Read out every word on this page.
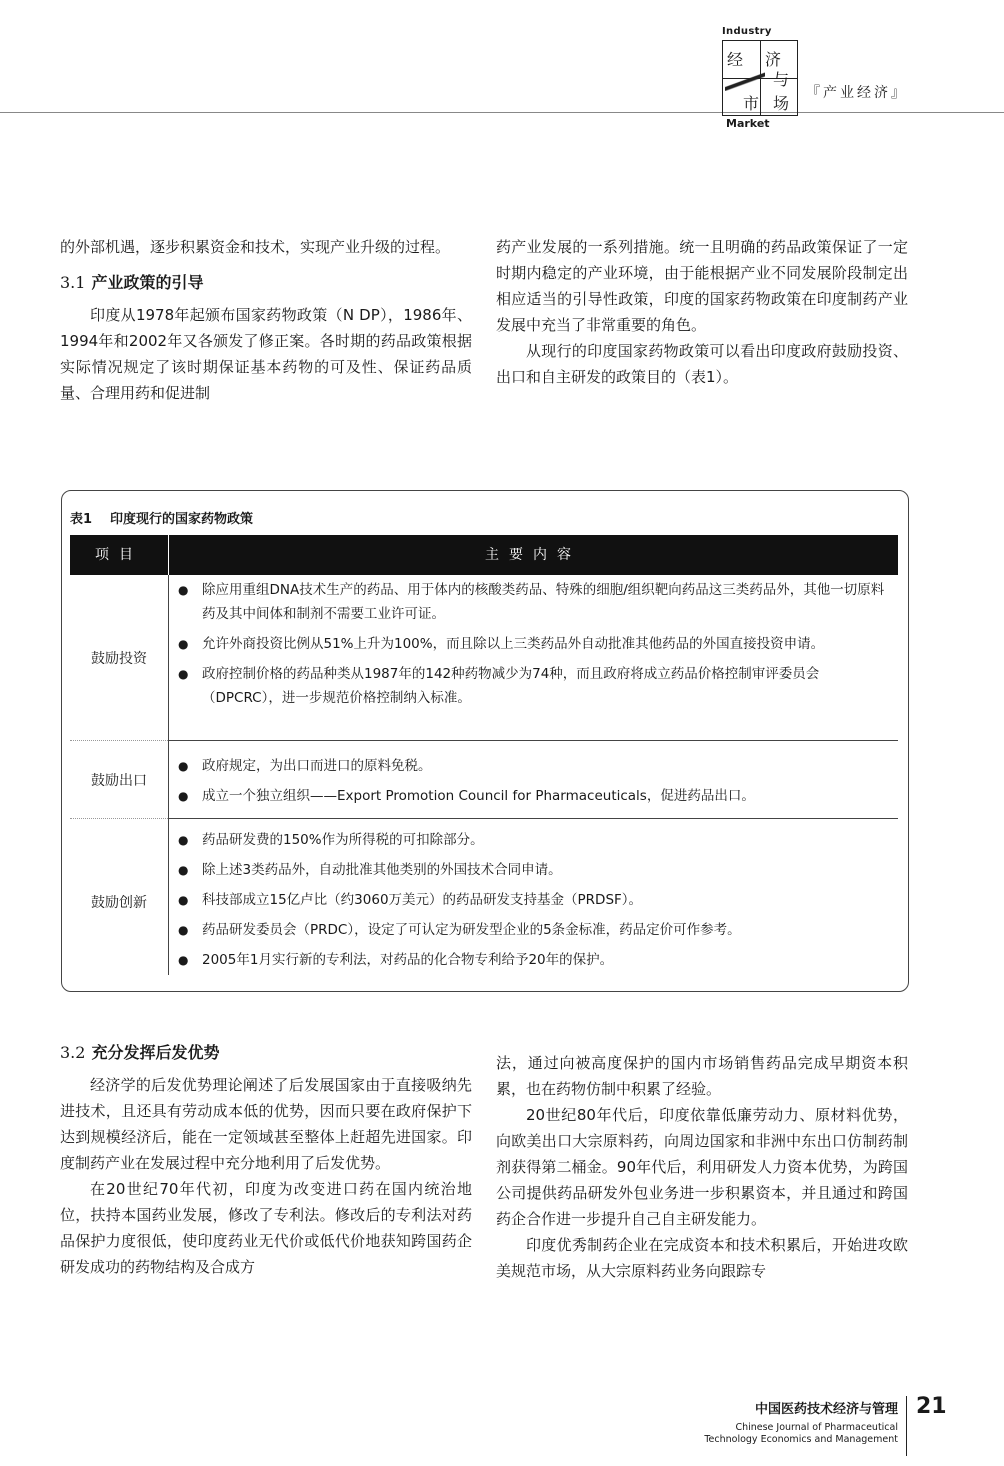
Industry
经 济
与
市 场
Market
『产业经济』

的外部机遇，逐步积累资金和技术，实现产业升级的过程。

3.1 产业政策的引导

印度从1978年起颁布国家药物政策（N DP），1986年、1994年和2002年又各颁发了修正案。各时期的药品政策根据实际情况规定了该时期保证基本药物的可及性、保证药品质量、合理用药和促进制

药产业发展的一系列措施。统一且明确的药品政策保证了一定时期内稳定的产业环境，由于能根据产业不同发展阶段制定出相应适当的引导性政策，印度的国家药物政策在印度制药产业发展中充当了非常重要的角色。

从现行的印度国家药物政策可以看出印度政府鼓励投资、出口和自主研发的政策目的（表1）。

表1 印度现行的国家药物政策
项目	主要内容
鼓励投资
● 除应用重组DNA技术生产的药品、用于体内的核酸类药品、特殊的细胞/组织靶向药品这三类药品外，其他一切原料药及其中间体和制剂不需要工业许可证。
● 允许外商投资比例从51%上升为100%，而且除以上三类药品外自动批准其他药品的外国直接投资申请。
● 政府控制价格的药品种类从1987年的142种药物减少为74种，而且政府将成立药品价格控制审评委员会（DPCRC），进一步规范价格控制纳入标准。
鼓励出口
● 政府规定，为出口而进口的原料免税。
● 成立一个独立组织——Export Promotion Council for Pharmaceuticals，促进药品出口。
鼓励创新
● 药品研发费的150%作为所得税的可扣除部分。
● 除上述3类药品外，自动批准其他类别的外国技术合同申请。
● 科技部成立15亿卢比（约3060万美元）的药品研发支持基金（PRDSF）。
● 药品研发委员会（PRDC），设定了可认定为研发型企业的5条金标准，药品定价可作参考。
● 2005年1月实行新的专利法，对药品的化合物专利给予20年的保护。
3.2 充分发挥后发优势

经济学的后发优势理论阐述了后发展国家由于直接吸纳先进技术，且还具有劳动成本低的优势，因而只要在政府保护下达到规模经济后，能在一定领域甚至整体上赶超先进国家。印度制药产业在发展过程中充分地利用了后发优势。

在20世纪70年代初，印度为改变进口药在国内统治地位，扶持本国药业发展，修改了专利法。修改后的专利法对药品保护力度很低，使印度药业无代价或低代价地获知跨国药企研发成功的药物结构及合成方

法，通过向被高度保护的国内市场销售药品完成早期资本积累，也在药物仿制中积累了经验。

20世纪80年代后，印度依靠低廉劳动力、原材料优势，向欧美出口大宗原料药，向周边国家和非洲中东出口仿制药制剂获得第二桶金。90年代后，利用研发人力资本优势，为跨国公司提供药品研发外包业务进一步积累资本，并且通过和跨国药企合作进一步提升自己自主研发能力。

印度优秀制药企业在完成资本和技术积累后，开始进攻欧美规范市场，从大宗原料药业务向跟踪专

中国医药技术经济与管理
Chinese Journal of Pharmaceutical
Technology Economics and Management
21
